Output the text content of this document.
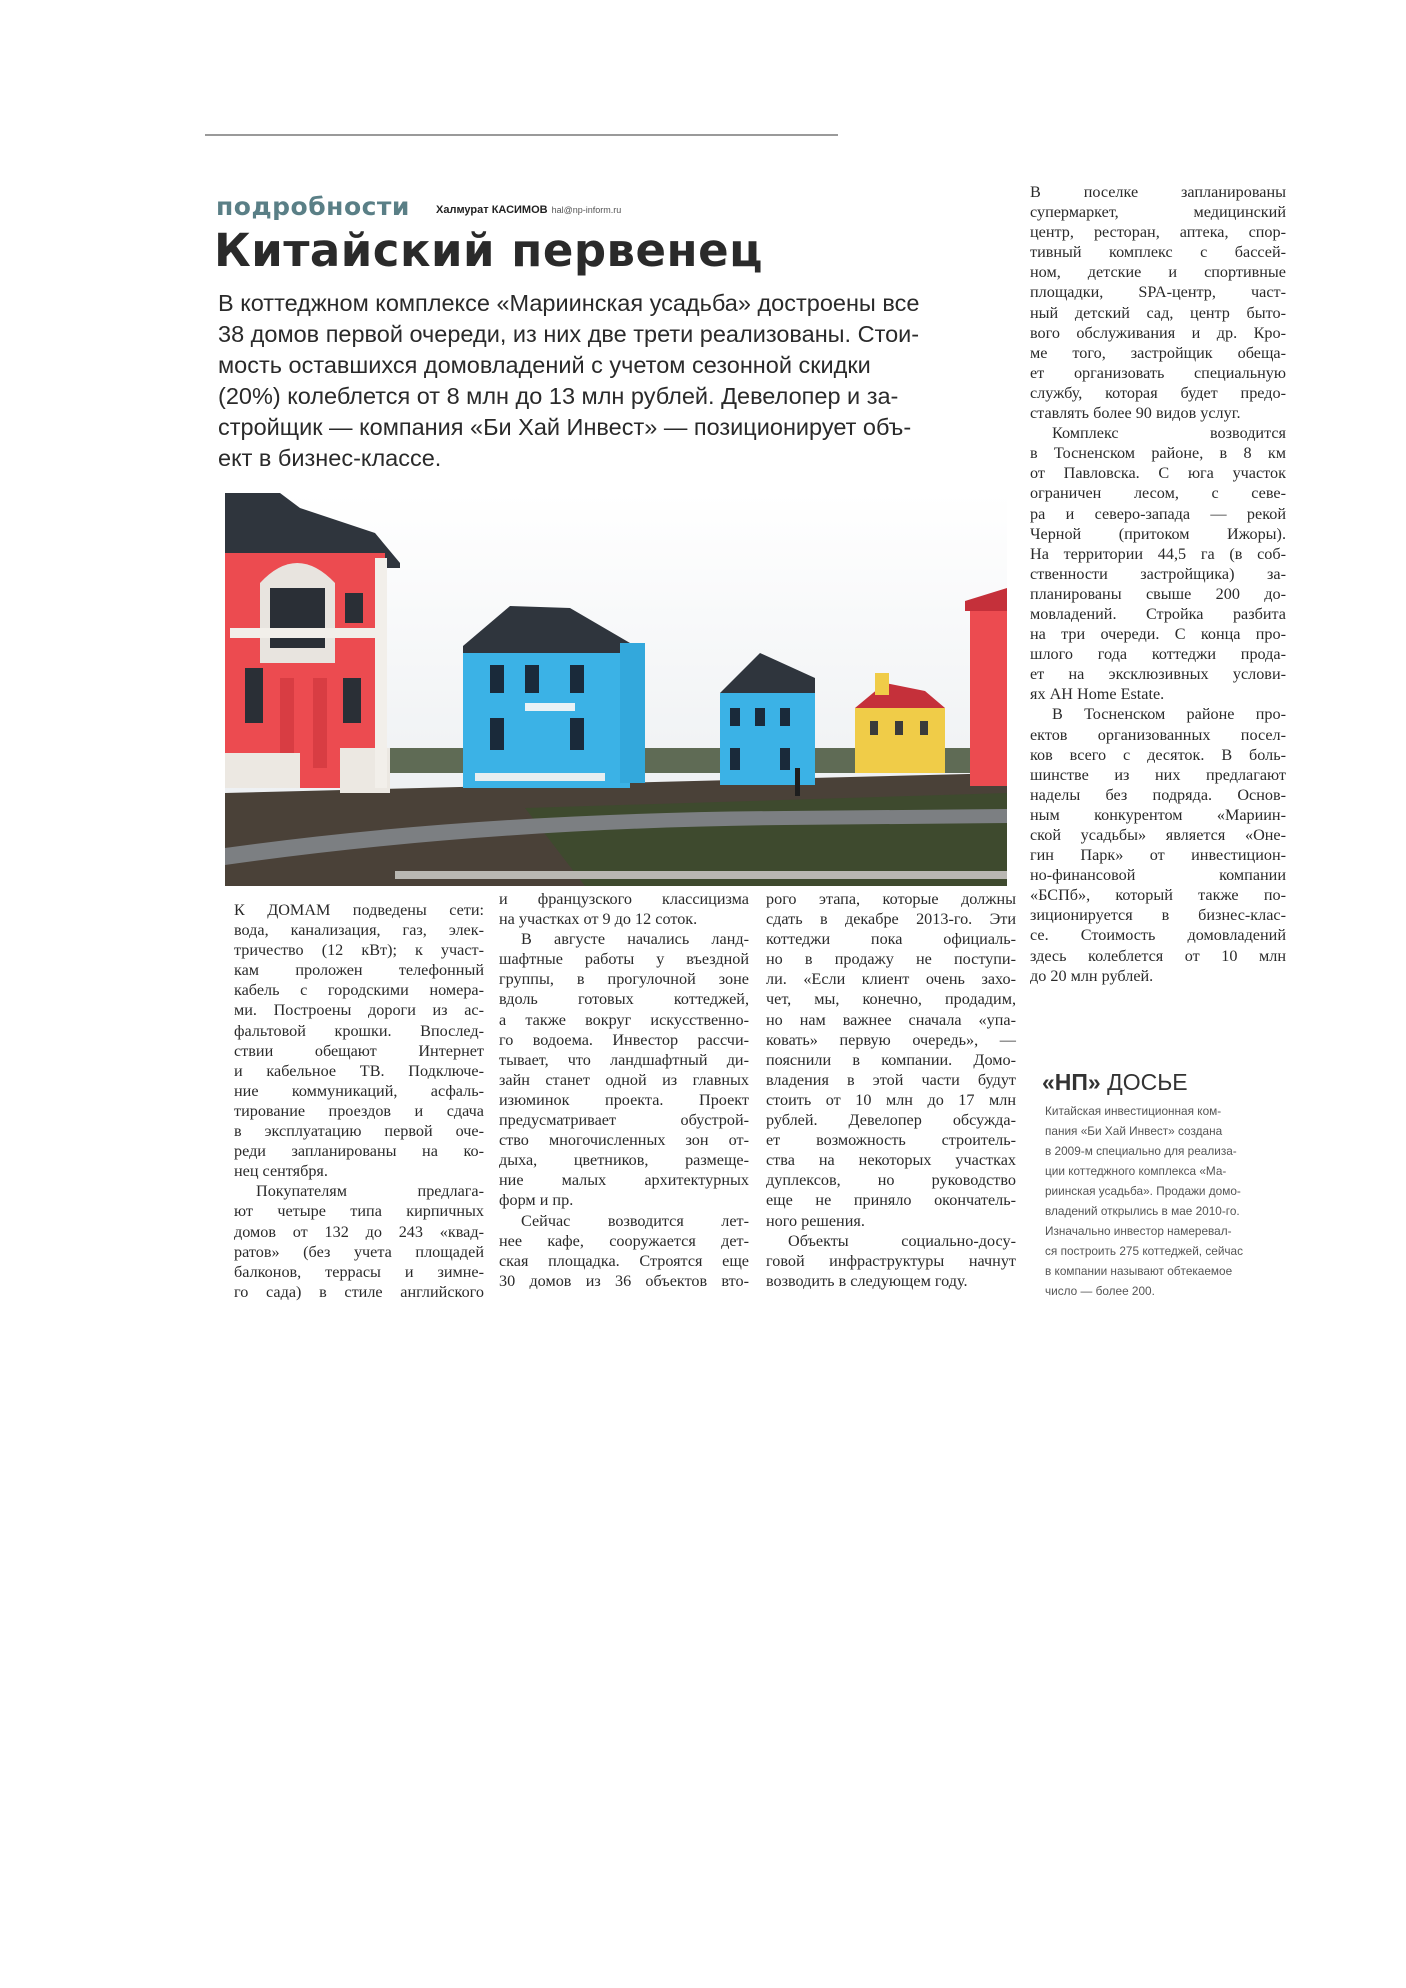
подробности Халмурат КАСИМОВ hal@np-inform.ru
Китайский первенец
В коттеджном комплексе «Мариинская усадьба» достроены все
38 домов первой очереди, из них две трети реализованы. Стои-
мость оставшихся домовладений с учетом сезонной скидки
(20%) колеблется от 8 млн до 13 млн рублей. Девелопер и за-
стройщик — компания «Би Хай Инвест» — позиционирует объ-
ект в бизнес-классе.
К ДОМАМ подведены сети:
вода, канализация, газ, элек-
тричество (12 кВт); к участ-
кам проложен телефонный
кабель с городскими номера-
ми. Построены дороги из ас-
фальтовой крошки. Впослед-
ствии обещают Интернет
и кабельное ТВ. Подключе-
ние коммуникаций, асфаль-
тирование проездов и сдача
в эксплуатацию первой оче-
реди запланированы на ко-
нец сентября.
Покупателям предлага-
ют четыре типа кирпичных
домов от 132 до 243 «квад-
ратов» (без учета площадей
балконов, террасы и зимне-
го сада) в стиле английского
и французского классицизма
на участках от 9 до 12 соток.
В августе начались ланд-
шафтные работы у въездной
группы, в прогулочной зоне
вдоль готовых коттеджей,
а также вокруг искусственно-
го водоема. Инвестор рассчи-
тывает, что ландшафтный ди-
зайн станет одной из главных
изюминок проекта. Проект
предусматривает обустрой-
ство многочисленных зон от-
дыха, цветников, размеще-
ние малых архитектурных
форм и пр.
Сейчас возводится лет-
нее кафе, сооружается дет-
ская площадка. Строятся еще
30 домов из 36 объектов вто-
рого этапа, которые должны
сдать в декабре 2013-го. Эти
коттеджи пока официаль-
но в продажу не поступи-
ли. «Если клиент очень захо-
чет, мы, конечно, продадим,
но нам важнее сначала «упа-
ковать» первую очередь», —
пояснили в компании. Домо-
владения в этой части будут
стоить от 10 млн до 17 млн
рублей. Девелопер обсужда-
ет возможность строитель-
ства на некоторых участках
дуплексов, но руководство
еще не приняло окончатель-
ного решения.
Объекты социально-досу-
говой инфраструктуры начнут
возводить в следующем году.
В поселке запланированы
супермаркет, медицинский
центр, ресторан, аптека, спор-
тивный комплекс с бассей-
ном, детские и спортивные
площадки, SPA-центр, част-
ный детский сад, центр быто-
вого обслуживания и др. Кро-
ме того, застройщик обеща-
ет организовать специальную
службу, которая будет предо-
ставлять более 90 видов услуг.
Комплекс возводится
в Тосненском районе, в 8 км
от Павловска. С юга участок
ограничен лесом, с севе-
ра и северо-запада — рекой
Черной (притоком Ижоры).
На территории 44,5 га (в соб-
ственности застройщика) за-
планированы свыше 200 до-
мовладений. Стройка разбита
на три очереди. С конца про-
шлого года коттеджи прода-
ет на эксклюзивных услови-
ях АН Home Estate.
В Тосненском районе про-
ектов организованных посел-
ков всего с десяток. В боль-
шинстве из них предлагают
наделы без подряда. Основ-
ным конкурентом «Мариин-
ской усадьбы» является «Оне-
гин Парк» от инвестицион-
но-финансовой компании
«БСПб», который также по-
зиционируется в бизнес-клас-
се. Стоимость домовладений
здесь колеблется от 10 млн
до 20 млн рублей.
«НП» ДОСЬЕ
Китайская инвестиционная ком-
пания «Би Хай Инвест» создана
в 2009-м специально для реализа-
ции коттеджного комплекса «Ма-
риинская усадьба». Продажи домо-
владений открылись в мае 2010-го.
Изначально инвестор намеревал-
ся построить 275 коттеджей, сейчас
в компании называют обтекаемое
число — более 200.
